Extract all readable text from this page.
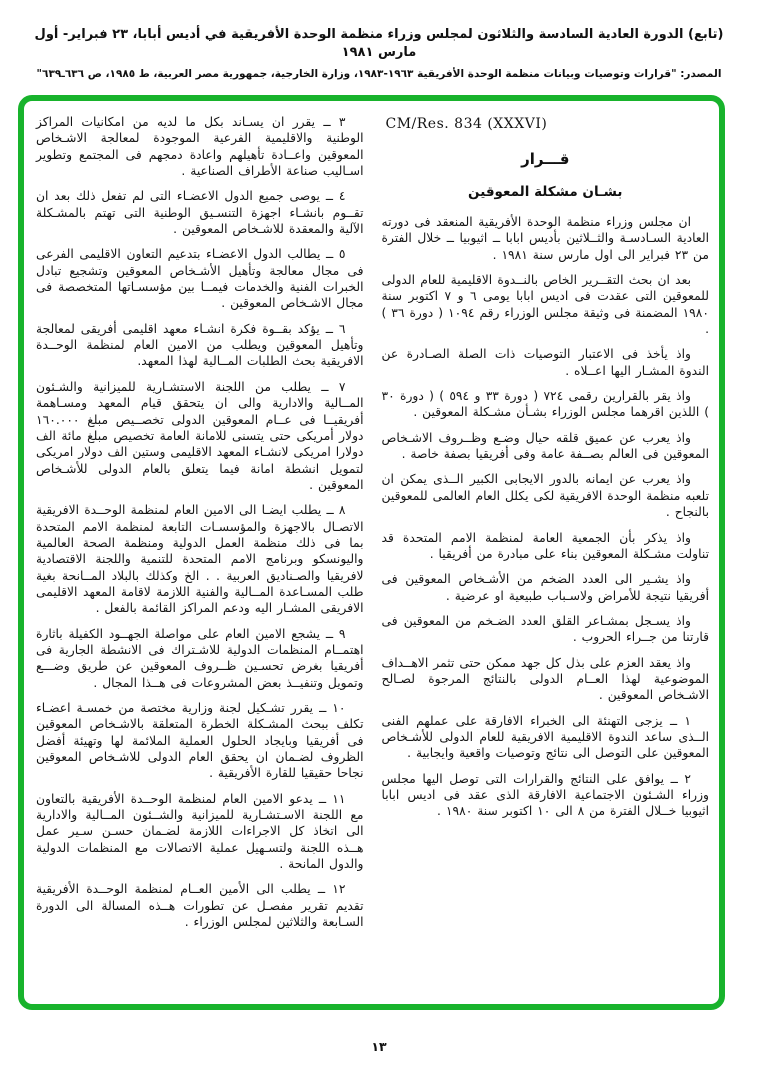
(تابع) الدورة العادية السادسة والثلاثون لمجلس وزراء منظمة الوحدة الأفريقية في أديس أبابا، ٢٣ فبراير- أول مارس ١٩٨١
المصدر: "قرارات وتوصيات وبيانات منظمة الوحدة الأفريقية ١٩٦٣-١٩٨٣، وزارة الخارجية، جمهورية مصر العربية، ط ١٩٨٥، ص ٦٣٦ـ٦٣٩"
CM/Res. 834 (XXXVI)
قـــرار
بشـان مشكلة المعوقين

ان مجلس وزراء منظمة الوحدة الأفريقية المنعقد فى دورته العادية السـادسـة والثــلاثين بأديس ابابا ــ اثيوبيا ــ خلال الفترة من ٢٣ فبراير الى اول مارس سنة ١٩٨١ .

بعد ان بحث التقــرير الخاص بالنــدوة الاقليمية للعام الدولى للمعوقين التى عقدت فى اديس ابابا يومى ٦ و ٧ اكتوبر سنة ١٩٨٠ المضمنة فى وثيقة مجلس الوزراء رقم ١٠٩٤ ( دورة ٣٦ ) .

واذ يأخذ فى الاعتبار التوصيات ذات الصلة الصـادرة عن الندوة المشـار اليها اعــلاه .

واذ يقر بالقرارين رقمى ٧٢٤ ( دورة ٣٣ و ٥٩٤ ) ( دورة ٣٠ ) اللذين اقرهما مجلس الوزراء بشـأن مشـكلة المعوقين .

واذ يعرب عن عميق قلقه حيال وضـع وظــروف الاشـخاص المعوقين فى العالم بصــفة عامة وفى أفريقيا بصفة خاصة .

واذ يعرب عن ايمانه بالدور الايجابى الكبير الــذى يمكن ان تلعبه منظمة الوحدة الافريقية لكى يكلل العام العالمى للمعوقين بالنجاح .

واذ يذكر بأن الجمعية العامة لمنظمة الامم المتحدة قد تناولت مشـكلة المعوقين بناء على مبادرة من أفريقيا .

واذ يشـير الى العدد الضخم من الأشـخاص المعوقين فى أفريقيا نتيجة للأمراض ولاسـباب طبيعية او عرضية .

واذ يسـجل بمشـاعر القلق العدد الضـخم من المعوقين فى قارتنا من جــراء الحروب .

واذ يعقد العزم على بذل كل جهد ممكن حتى تثمر الاهــداف الموضوعية لهذا العــام الدولى بالنتائج المرجوة لصـالح الاشـخاص المعوقين .

١ ــ يزجى التهنئة الى الخبراء الافارقة على عملهم الفنى الــذى ساعد الندوة الاقليمية الافريقية للعام الدولى للأشـخاص المعوقين على التوصل الى نتائج وتوصيات واقعية وايجابية .

٢ ــ يوافق على النتائج والقرارات التى توصل اليها مجلس وزراء الشـئون الاجتماعية الافارقة الذى عقد فى اديس ابابا اثيوبيا خــلال الفترة من ٨ الى ١٠ اكتوبر سنة ١٩٨٠ .

٣ ــ يقرر ان يسـاند بكل ما لديه من امكانيات المراكز الوطنية والاقليمية الفرعية الموجودة لمعالجة الاشـخاص المعوقين واعــادة تأهيلهم واعادة دمجهم فى المجتمع وتطوير اسـاليب صناعة الأطراف الصناعية .

٤ ــ يوصى جميع الدول الاعضـاء التى لم تفعل ذلك بعد ان تقــوم بانشـاء اجهزة التنسـيق الوطنية التى تهتم بالمشـكلة الآلية والمعقدة للاشـخاص المعوقين .

٥ ــ يطالب الدول الاعضـاء بتدعيم التعاون الاقليمى الفرعى فى مجال معالجة وتأهيل الأشـخاص المعوقين وتشجيع تبادل الخبرات الفنية والخدمات فيمــا بين مؤسسـاتها المتخصصة فى مجال الاشـخاص المعوقين .

٦ ــ يؤكد بقــوة فكرة انشـاء معهد اقليمى أفريقى لمعالجة وتأهيل المعوقين ويطلب من الامين العام لمنظمة الوحــدة الافريقية بحث الطلبات المــالية لهذا المعهد.

٧ ــ يطلب من اللجنة الاستشـارية للميزانية والشـئون المــالية والادارية والى ان يتحقق قيام المعهد ومسـاهمة أفريقيــا فى عــام المعوقين الدولى تخصــيص مبلغ ١٦٠.٠٠٠ دولار أمريكى حتى يتسنى للامانة العامة تخصيص مبلغ مائة الف دولارا امريكى لانشـاء المعهد الاقليمى وستين الف دولار امريكى لتمويل انشطة امانة فيما يتعلق بالعام الدولى للأشـخاص المعوقين .

٨ ــ يطلب ايضـا الى الامين العام لمنظمة الوحــدة الافريقية الاتصـال بالاجهزة والمؤسسـات التابعة لمنظمة الامم المتحدة بما فى ذلك منظمة العمل الدولية ومنظمة الصحة العالمية واليونسكو وبرنامج الامم المتحدة للتنمية واللجنة الاقتصادية لافريقيا والصـناديق العربية . . الخ وكذلك بالبلاد المــانحة بغية طلب المسـاعدة المــالية والفنية اللازمة لاقامة المعهد الاقليمى الافريقى المشـار اليه ودعم المراكز القائمة بالفعل .

٩ ــ يشجع الامين العام على مواصلة الجهــود الكفيلة باثارة اهتمــام المنظمات الدولية للاشـتراك فى الانشطة الجارية فى أفريقيا بغرض تحسـين ظــروف المعوقين عن طريق وضـــع وتمويل وتنفيــذ بعض المشروعات فى هــذا المجال .

١٠ ــ يقرر تشـكيل لجنة وزارية مختصة من خمسـة اعضـاء تكلف ببحث المشـكلة الخطرة المتعلقة بالاشـخاص المعوقين فى أفريقيا وبايجاد الحلول العملية الملائمة لها وتهيئة أفضل الظروف لضـمان ان يحقق العام الدولى للاشـخاص المعوقين نجاحا حقيقيا للقارة الأفريقية .

١١ ــ يدعو الامين العام لمنظمة الوحــدة الأفريقية بالتعاون مع اللجنة الاسـتشـارية للميزانية والشــئون المــالية والادارية الى اتخاذ كل الاجراءات اللازمة لضـمان حسـن سـير عمل هــذه اللجنة ولتسـهيل عملية الاتصالات مع المنظمات الدولية والدول المانحة .

١٢ ــ يطلب الى الأمين العــام لمنظمة الوحــدة الأفريقية تقديم تقرير مفصـل عن تطورات هــذه المسالة الى الدورة السـابعة والثلاثين لمجلس الوزراء .

١٣
